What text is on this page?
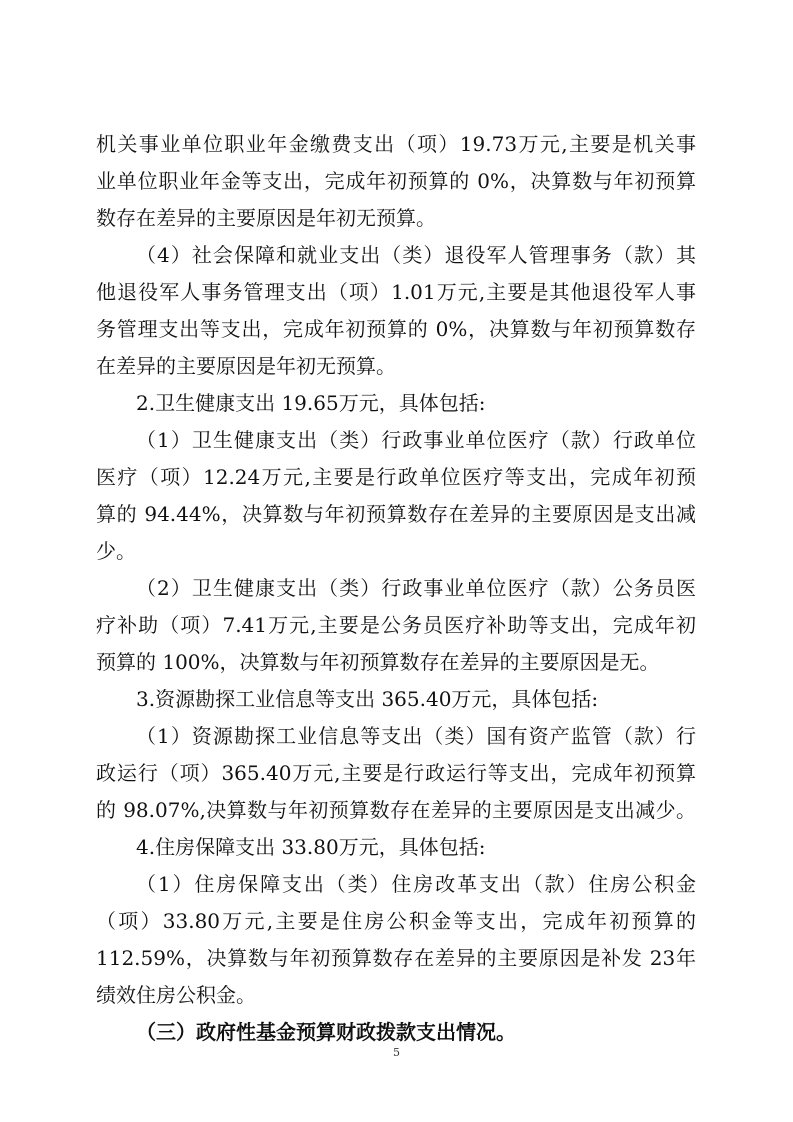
机关事业单位职业年金缴费支出（项）19.73万元,主要是机关事
业单位职业年金等支出，完成年初预算的 0%，决算数与年初预算
数存在差异的主要原因是年初无预算。
（4）社会保障和就业支出（类）退役军人管理事务（款）其
他退役军人事务管理支出（项）1.01万元,主要是其他退役军人事
务管理支出等支出，完成年初预算的 0%，决算数与年初预算数存
在差异的主要原因是年初无预算。
2.卫生健康支出 19.65万元，具体包括:
（1）卫生健康支出（类）行政事业单位医疗（款）行政单位
医疗（项）12.24万元,主要是行政单位医疗等支出，完成年初预
算的 94.44%，决算数与年初预算数存在差异的主要原因是支出减
少。
（2）卫生健康支出（类）行政事业单位医疗（款）公务员医
疗补助（项）7.41万元,主要是公务员医疗补助等支出，完成年初
预算的 100%，决算数与年初预算数存在差异的主要原因是无。
3.资源勘探工业信息等支出 365.40万元，具体包括:
（1）资源勘探工业信息等支出（类）国有资产监管（款）行
政运行（项）365.40万元,主要是行政运行等支出，完成年初预算
的 98.07%,决算数与年初预算数存在差异的主要原因是支出减少。
4.住房保障支出 33.80万元，具体包括:
（1）住房保障支出（类）住房改革支出（款）住房公积金
（项）33.80万元,主要是住房公积金等支出，完成年初预算的
112.59%，决算数与年初预算数存在差异的主要原因是补发 23年
绩效住房公积金。
（三）政府性基金预算财政拨款支出情况。
5
